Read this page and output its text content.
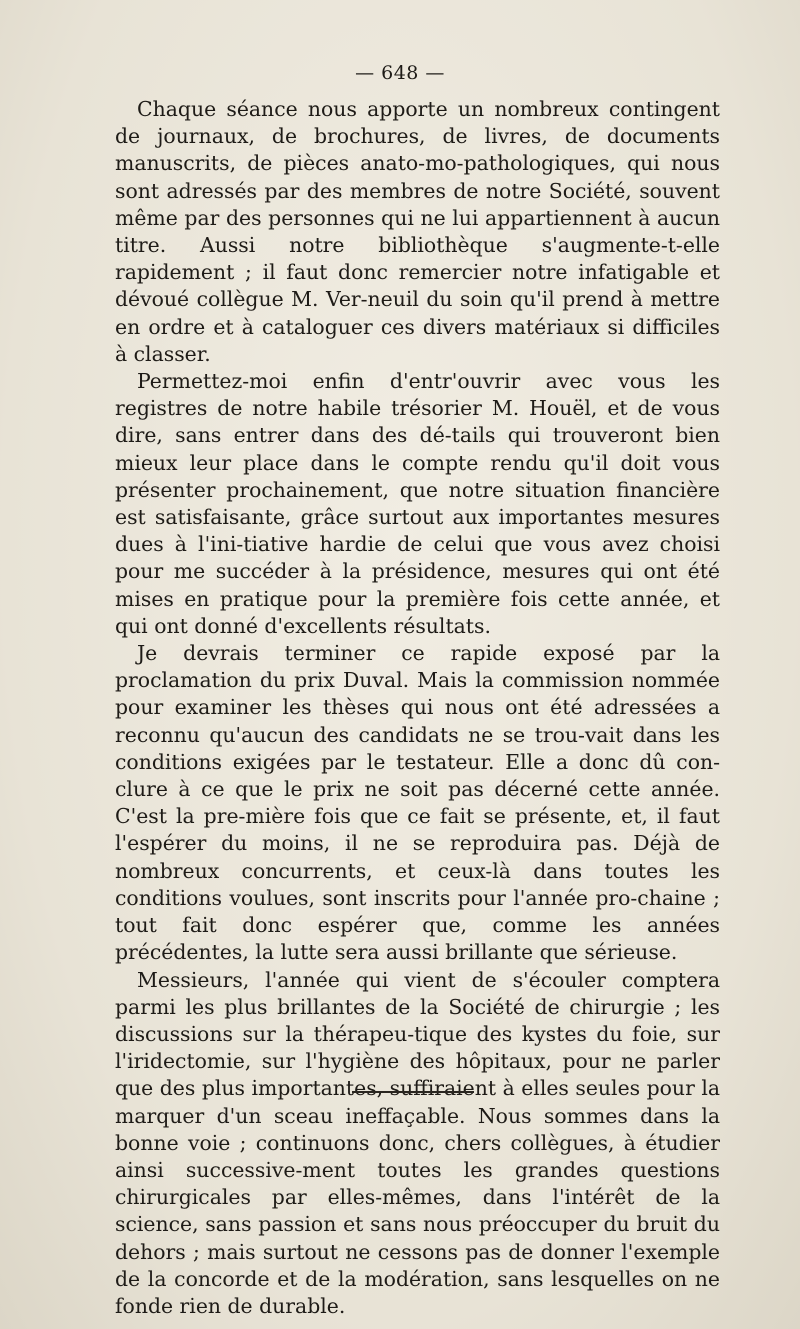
— 648 —

Chaque séance nous apporte un nombreux contingent de journaux, de brochures, de livres, de documents manuscrits, de pièces anato-mo-pathologiques, qui nous sont adressés par des membres de notre Société, souvent même par des personnes qui ne lui appartiennent à aucun titre. Aussi notre bibliothèque s'augmente-t-elle rapidement ; il faut donc remercier notre infatigable et dévoué collègue M. Ver-neuil du soin qu'il prend à mettre en ordre et à cataloguer ces divers matériaux si difficiles à classer.

Permettez-moi enfin d'entr'ouvrir avec vous les registres de notre habile trésorier M. Houël, et de vous dire, sans entrer dans des dé-tails qui trouveront bien mieux leur place dans le compte rendu qu'il doit vous présenter prochainement, que notre situation financière est satisfaisante, grâce surtout aux importantes mesures dues à l'ini-tiative hardie de celui que vous avez choisi pour me succéder à la présidence, mesures qui ont été mises en pratique pour la première fois cette année, et qui ont donné d'excellents résultats.

Je devrais terminer ce rapide exposé par la proclamation du prix Duval. Mais la commission nommée pour examiner les thèses qui nous ont été adressées a reconnu qu'aucun des candidats ne se trou-vait dans les conditions exigées par le testateur. Elle a donc dû con-clure à ce que le prix ne soit pas décerné cette année. C'est la pre-mière fois que ce fait se présente, et, il faut l'espérer du moins, il ne se reproduira pas. Déjà de nombreux concurrents, et ceux-là dans toutes les conditions voulues, sont inscrits pour l'année pro-chaine ; tout fait donc espérer que, comme les années précédentes, la lutte sera aussi brillante que sérieuse.

Messieurs, l'année qui vient de s'écouler comptera parmi les plus brillantes de la Société de chirurgie ; les discussions sur la thérapeu-tique des kystes du foie, sur l'iridectomie, sur l'hygiène des hôpitaux, pour ne parler que des plus importantes, suffiraient à elles seules pour la marquer d'un sceau ineffaçable. Nous sommes dans la bonne voie ; continuons donc, chers collègues, à étudier ainsi successive-ment toutes les grandes questions chirurgicales par elles-mêmes, dans l'intérêt de la science, sans passion et sans nous préoccuper du bruit du dehors ; mais surtout ne cessons pas de donner l'exemple de la concorde et de la modération, sans lesquelles on ne fonde rien de durable.
